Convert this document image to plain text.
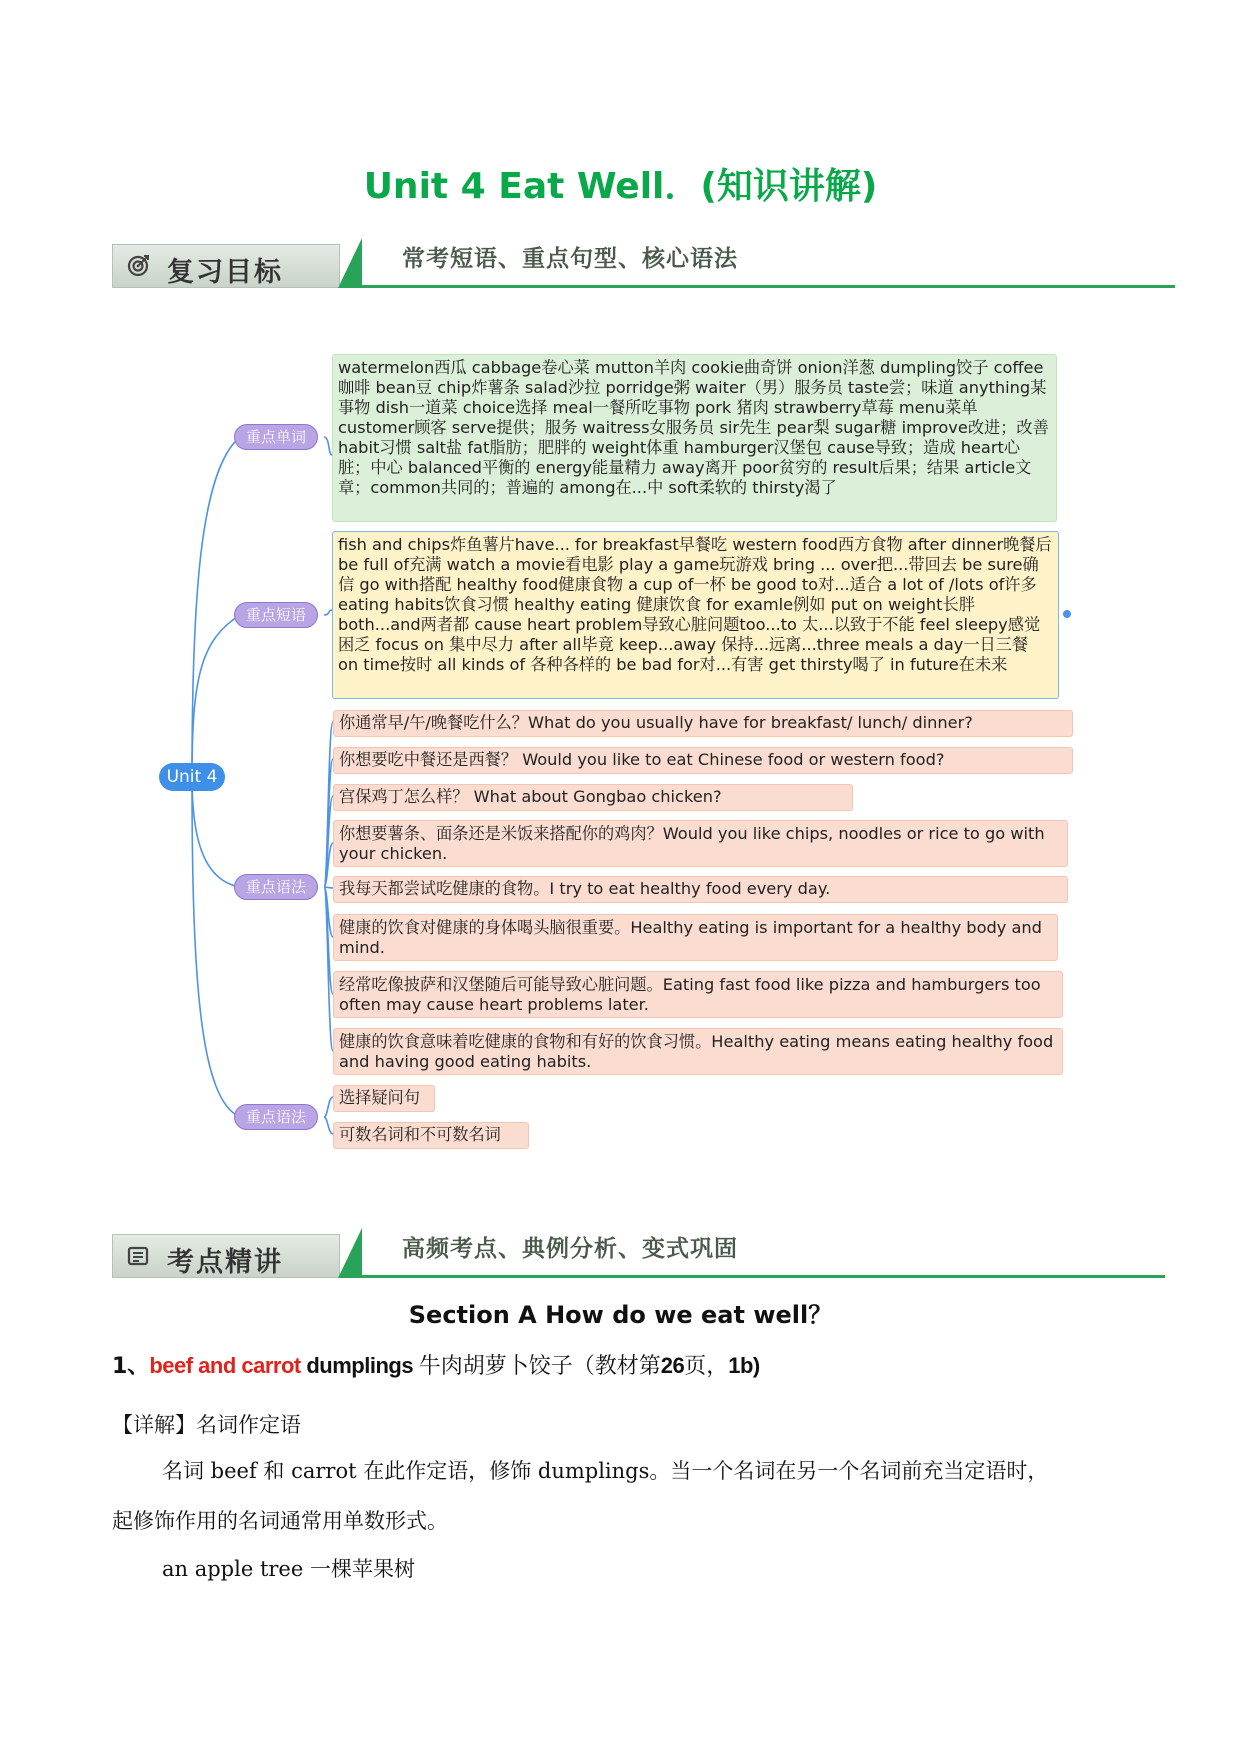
Unit 4 Eat Well．(知识讲解)
复习目标	常考短语、重点句型、核心语法
Unit 4
重点单词
重点短语
重点语法
重点语法
watermelon西瓜 cabbage卷心菜 mutton羊肉 cookie曲奇饼 onion洋葱 dumpling饺子 coffee咖啡 bean豆 chip炸薯条 salad沙拉 porridge粥 waiter（男）服务员 taste尝；味道 anything某事物 dish一道菜 choice选择 meal一餐所吃事物 pork 猪肉 strawberry草莓 menu菜单 customer顾客 serve提供；服务 waitress女服务员 sir先生 pear梨 sugar糖 improve改进；改善 habit习惯 salt盐 fat脂肪；肥胖的 weight体重 hamburger汉堡包 cause导致；造成 heart心脏；中心 balanced平衡的 energy能量精力 away离开 poor贫穷的 result后果；结果 article文章；common共同的；普遍的 among在...中 soft柔软的 thirsty渴了
fish and chips炸鱼薯片have... for breakfast早餐吃 western food西方食物 after dinner晚餐后 be full of充满 watch a movie看电影 play a game玩游戏 bring ... over把...带回去 be sure确信 go with搭配 healthy food健康食物 a cup of一杯 be good to对...适合 a lot of /lots of许多 eating habits饮食习惯 healthy eating 健康饮食 for examle例如 put on weight长胖 both...and两者都 cause heart problem导致心脏问题too...to 太...以致于不能 feel sleepy感觉困乏 focus on 集中尽力 after all毕竟 keep...away 保持...远离...three meals a day一日三餐 on time按时 all kinds of 各种各样的 be bad for对...有害 get thirsty喝了 in future在未来
你通常早/午/晚餐吃什么？What do you usually have for breakfast/ lunch/ dinner?
你想要吃中餐还是西餐？ Would you like to eat Chinese food or western food?
宫保鸡丁怎么样？ What about Gongbao chicken?
你想要薯条、面条还是米饭来搭配你的鸡肉？Would you like chips, noodles or rice to go with your chicken.
我每天都尝试吃健康的食物。I try to eat healthy food every day.
健康的饮食对健康的身体喝头脑很重要。Healthy eating is important for a healthy body and mind.
经常吃像披萨和汉堡随后可能导致心脏问题。Eating fast food like pizza and hamburgers too often may cause heart problems later.
健康的饮食意味着吃健康的食物和有好的饮食习惯。Healthy eating means eating healthy food and having good eating habits.
选择疑问句
可数名词和不可数名词
考点精讲	高频考点、典例分析、变式巩固
Section A How do we eat well？
1、beef and carrot dumplings 牛肉胡萝卜饺子（教材第26页，1b)
【详解】名词作定语
名词 beef 和 carrot 在此作定语，修饰 dumplings。当一个名词在另一个名词前充当定语时，
起修饰作用的名词通常用单数形式。
an apple tree 一棵苹果树
